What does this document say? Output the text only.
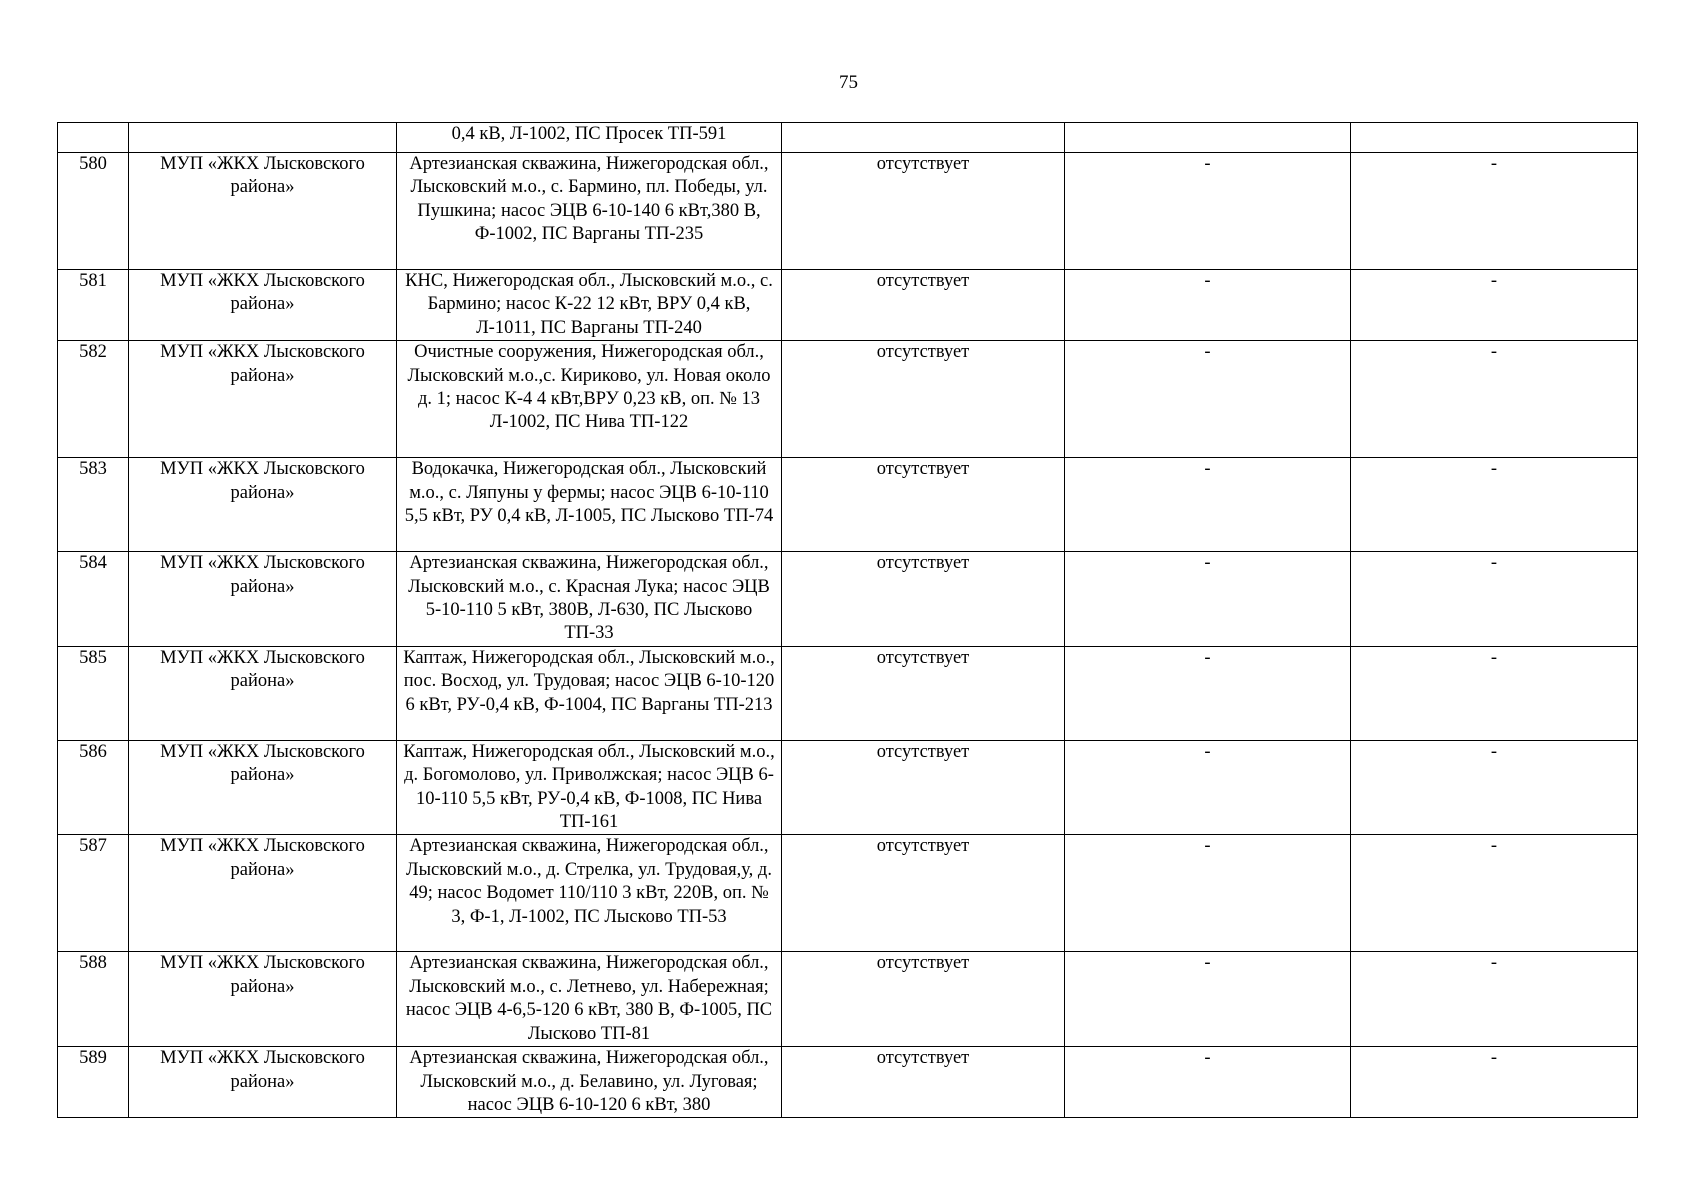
75
		0,4 кВ, Л-1002, ПС Просек ТП-591			
580	МУП «ЖКХ Лысковского района»	Артезианская скважина, Нижегородская обл., Лысковский м.о., с. Бармино, пл. Победы, ул. Пушкина; насос ЭЦВ 6-10-140 6 кВт,380 В, Ф-1002, ПС Варганы ТП-235	отсутствует	-	-
581	МУП «ЖКХ Лысковского района»	КНС, Нижегородская обл., Лысковский м.о., с. Бармино; насос К-22 12 кВт, ВРУ 0,4 кВ, Л-1011, ПС Варганы ТП-240	отсутствует	-	-
582	МУП «ЖКХ Лысковского района»	Очистные сооружения, Нижегородская обл., Лысковский м.о.,с. Кириково, ул. Новая около д. 1; насос К-4 4 кВт,ВРУ 0,23 кВ, оп. № 13 Л-1002, ПС Нива ТП-122	отсутствует	-	-
583	МУП «ЖКХ Лысковского района»	Водокачка, Нижегородская обл., Лысковский м.о., с. Ляпуны у фермы; насос ЭЦВ 6-10-110 5,5 кВт, РУ 0,4 кВ, Л-1005, ПС Лысково ТП-74	отсутствует	-	-
584	МУП «ЖКХ Лысковского района»	Артезианская скважина, Нижегородская обл., Лысковский м.о., с. Красная Лука; насос ЭЦВ 5-10-110 5 кВт, 380В, Л-630, ПС Лысково ТП-33	отсутствует	-	-
585	МУП «ЖКХ Лысковского района»	Каптаж, Нижегородская обл., Лысковский м.о., пос. Восход, ул. Трудовая; насос ЭЦВ 6-10-120 6 кВт, РУ-0,4 кВ, Ф-1004, ПС Варганы ТП-213	отсутствует	-	-
586	МУП «ЖКХ Лысковского района»	Каптаж, Нижегородская обл., Лысковский м.о., д. Богомолово, ул. Приволжская; насос ЭЦВ 6-10-110 5,5 кВт, РУ-0,4 кВ, Ф-1008, ПС Нива ТП-161	отсутствует	-	-
587	МУП «ЖКХ Лысковского района»	Артезианская скважина, Нижегородская обл., Лысковский м.о., д. Стрелка, ул. Трудовая,у, д. 49; насос Водомет 110/110 3 кВт, 220В, оп. № 3, Ф-1, Л-1002, ПС Лысково ТП-53	отсутствует	-	-
588	МУП «ЖКХ Лысковского района»	Артезианская скважина, Нижегородская обл., Лысковский м.о., с. Летнево, ул. Набережная; насос ЭЦВ 4-6,5-120 6 кВт, 380 В, Ф-1005, ПС Лысково ТП-81	отсутствует	-	-
589	МУП «ЖКХ Лысковского района»	Артезианская скважина, Нижегородская обл., Лысковский м.о., д. Белавино, ул. Луговая; насос ЭЦВ 6-10-120 6 кВт, 380	отсутствует	-	-
